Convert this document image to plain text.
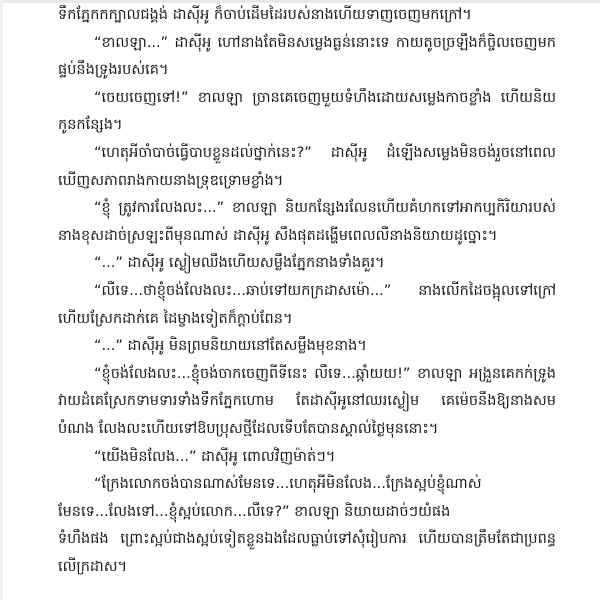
ទឹកភ្នែកកក្បាលជង្គង់ ដាស៊ីអូ ក៏ចាប់ដើមដៃរបស់នាងហើយទាញចេញមកក្រៅ។

“ខាលឡា...” ដាស៊ីអូ ហៅនាងតែមិនសម្លេងធ្ងន់នោះទេ កាយតូចច្រឡឹងក៏ចិ្ចលចេញមកផ្ទប់នឹងទ្រូងរបស់គេ។

“ចេយចេញទៅ!” ខាលឡា ច្រានគេចេញមួយទំហឹងដោយសម្លេងកាចខ្លាំង ហើយនិយកូនកន្សែង។

“ហេតុអីចាំបាច់ធ្វើបាបខ្លួនដល់ថ្នាក់នេះ?” ដាស៊ីអូ ដំឡើងសម្លេងមិនចង់រួចនៅពេលឃើញសភាពរាងកាយនាងទ្រុឌទ្រោមខ្លាំង។

“ខ្ញុំ ត្រូវការលែងលះ...” ខាលឡា និយកន្សែងរលែនហើយគំហកទៅអាកប្បកិរិយារបស់នាងខុសដាច់ស្រឡះពីមុនណាស់ ដាស៊ីអូ សឹងផុតដង្ហើមពេលលឺនាងនិយាយដូច្នោះ។

“...” ដាស៊ីអូ ស្ងៀមឈឹងហើយសម្លឹងភ្នែកនាងទាំងគួរ។

“លឺទេ...ថាខ្ញុំចង់លែងលះ...ឆាប់ទៅយកក្រដាសម៉ោ...” នាងលើកដៃចង្អុលទៅក្រៅហើយស្រែកដាក់គេ ដៃម្ខាងទៀតក៏ក្តាប់ពែន។

“...” ដាស៊ីអូ មិនព្រមនិយាយនៅតែសម្លឹងមុខនាង។

“ខ្ញុំចង់លែងលះ...ខ្ញុំចង់ចាកចេញពីទីនេះ លឺទេ...ឆ្កាំយយ!” ខាលឡា អង្រួនគេកក់ទ្រូងវាយដំគេស្រែកទាមទារទាំងទឹកភ្នែកហោម តែដាស៊ីអូនៅឈរស្ងៀម គេម៉េចនឹងឱ្យនាងសមបំណង លែងលះហើយទៅឱបប្រុសថ្មីដែលទើបតែបានស្គាល់ថ្ងៃមុននោះ។

“យើងមិនលែង...” ដាស៊ីអូ ពោលវិញម៉ាត់ៗ។

“ក្រែងលោកចង់បានណាស់មែនទេ...ហេតុអីមិនលែង...ក្រែងស្អប់ខ្ញុំណាស់មែនទេ...លែងទៅ...ខ្ញុំស្អប់លោក...លឺទេ?” ខាលឡា និយាយដាច់ៗយំផង

ទំហឹងផង ព្រោះស្អប់ជាងស្អប់ទៀតខ្លួនឯងដែលធ្លាប់ទៅសុំរៀបការ ហើយបានត្រឹមតែជាប្រពន្ធលើក្រដាស។
